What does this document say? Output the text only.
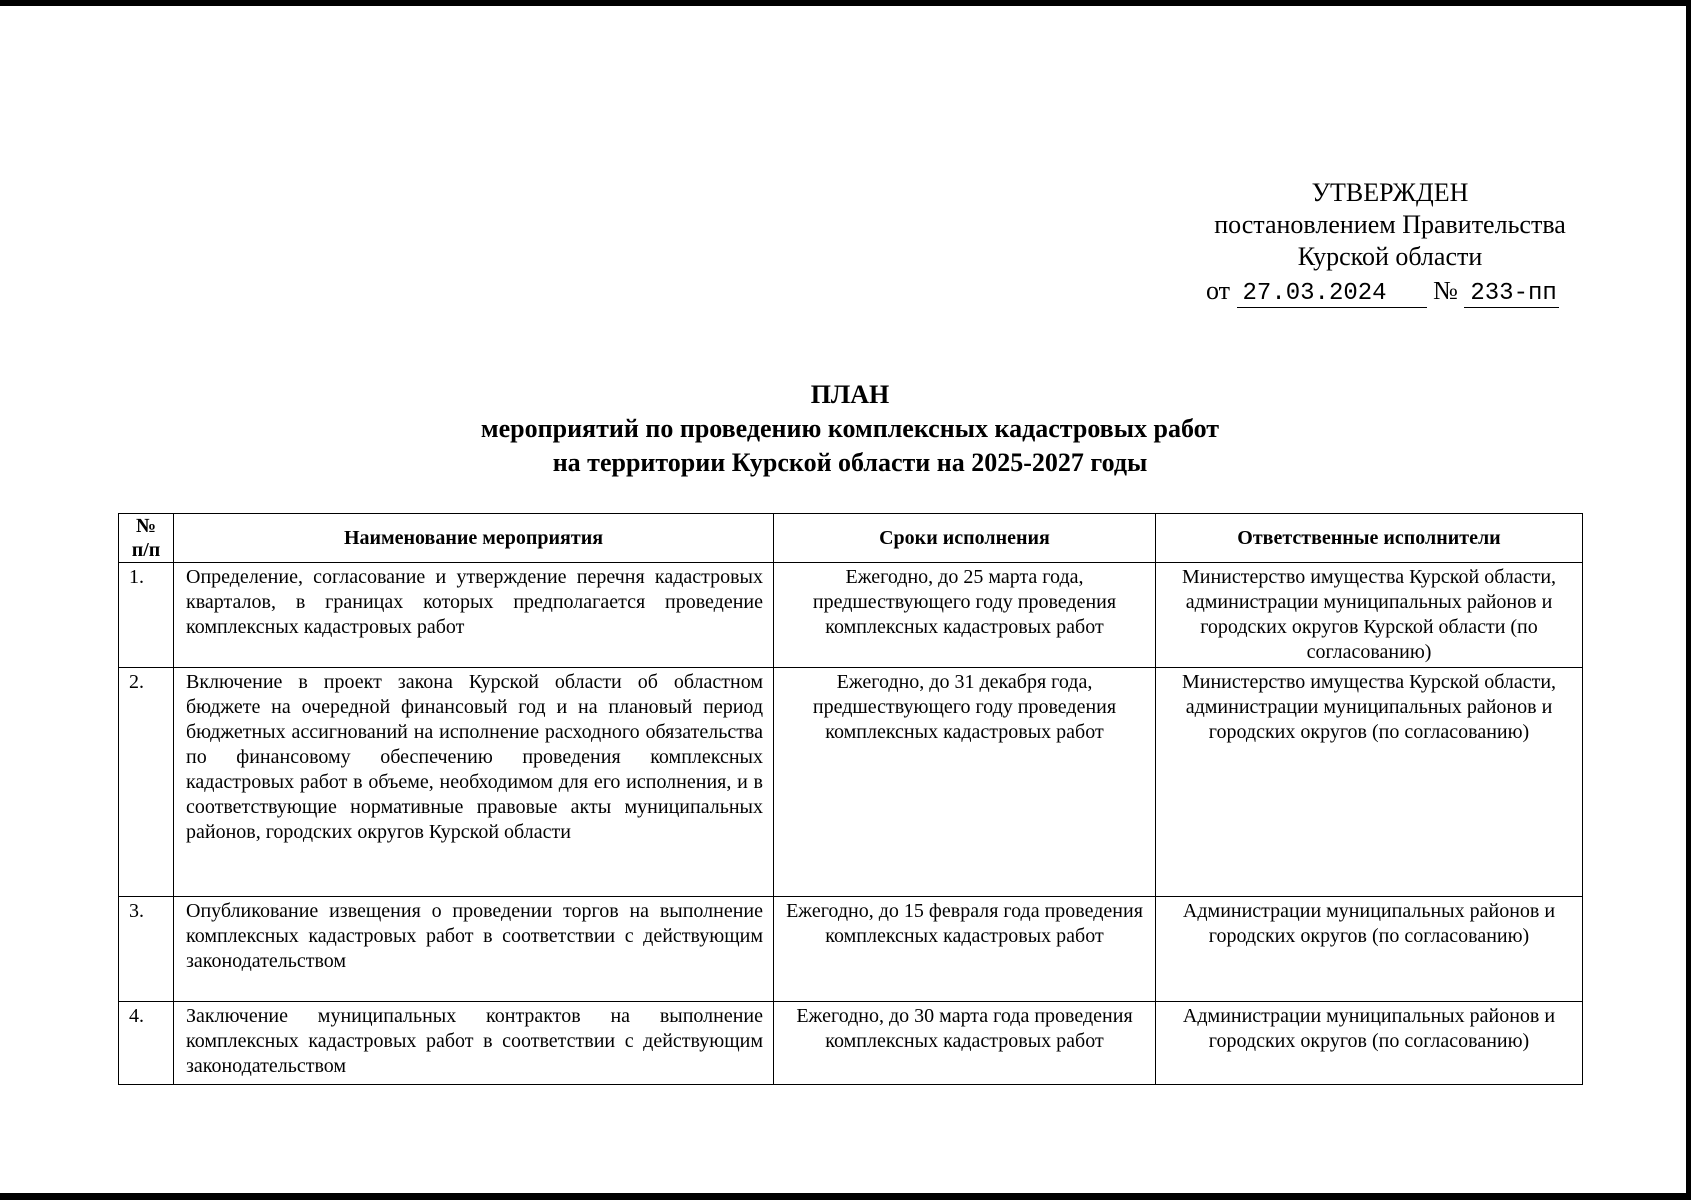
УТВЕРЖДЕН
постановлением Правительства
Курской области
от 27.03.2024 № 233-пп
ПЛАН
мероприятий по проведению комплексных кадастровых работ
на территории Курской области на 2025-2027 годы
№ п/п	Наименование мероприятия	Сроки исполнения	Ответственные исполнители
1.	Определение, согласование и утверждение перечня кадастровых кварталов, в границах которых предполагается проведение комплексных кадастровых работ	Ежегодно, до 25 марта года, предшествующего году проведения комплексных кадастровых работ	Министерство имущества Курской области, администрации муниципальных районов и городских округов Курской области (по согласованию)
2.	Включение в проект закона Курской области об областном бюджете на очередной финансовый год и на плановый период бюджетных ассигнований на исполнение расходного обязательства по финансовому обеспечению проведения комплексных кадастровых работ в объеме, необходимом для его исполнения, и в соответствующие нормативные правовые акты муниципальных районов, городских округов Курской области	Ежегодно, до 31 декабря года, предшествующего году проведения комплексных кадастровых работ	Министерство имущества Курской области, администрации муниципальных районов и городских округов (по согласованию)
3.	Опубликование извещения о проведении торгов на выполнение комплексных кадастровых работ в соответствии с действующим законодательством	Ежегодно, до 15 февраля года проведения комплексных кадастровых работ	Администрации муниципальных районов и городских округов (по согласованию)
4.	Заключение муниципальных контрактов на выполнение комплексных кадастровых работ в соответствии с действующим законодательством	Ежегодно, до 30 марта года проведения комплексных кадастровых работ	Администрации муниципальных районов и городских округов (по согласованию)
